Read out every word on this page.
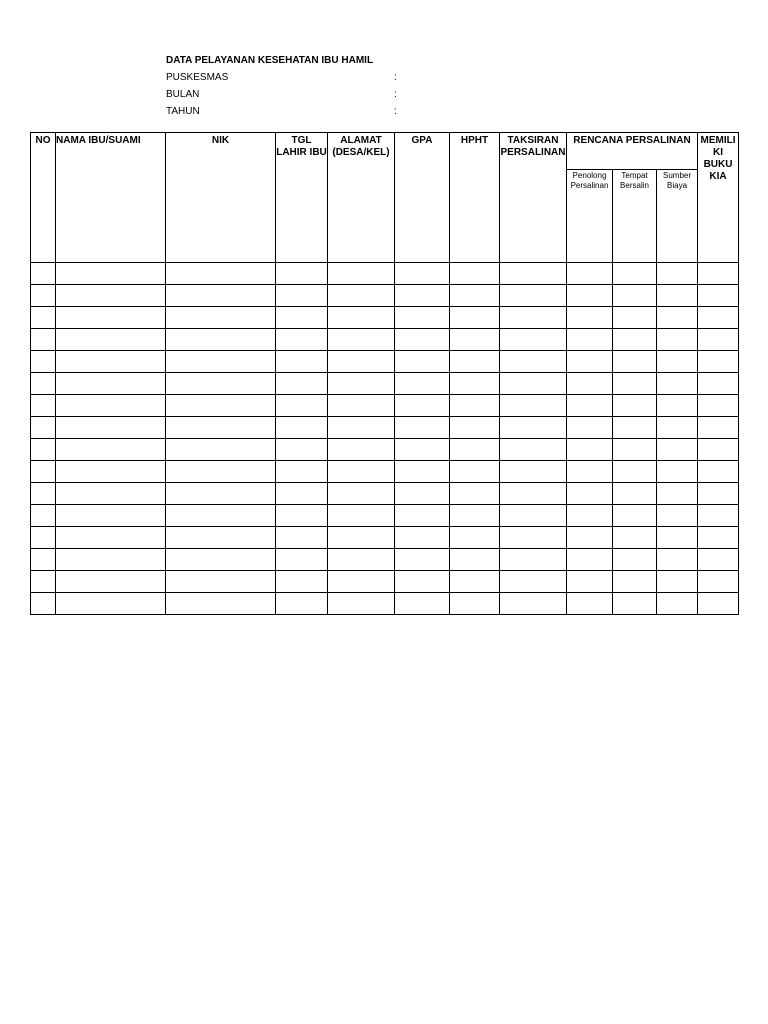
DATA PELAYANAN KESEHATAN IBU HAMIL
PUSKESMAS	:
BULAN	:
TAHUN	:
NO	NAMA IBU/SUAMI	NIK	TGL LAHIR IBU	ALAMAT (DESA/KEL)	GPA	HPHT	TAKSIRAN PERSALINAN	RENCANA PERSALINAN			MEMILI KI BUKU KIA
								Penolong Persalinan	Tempat Bersalin	Sumber Biaya	
